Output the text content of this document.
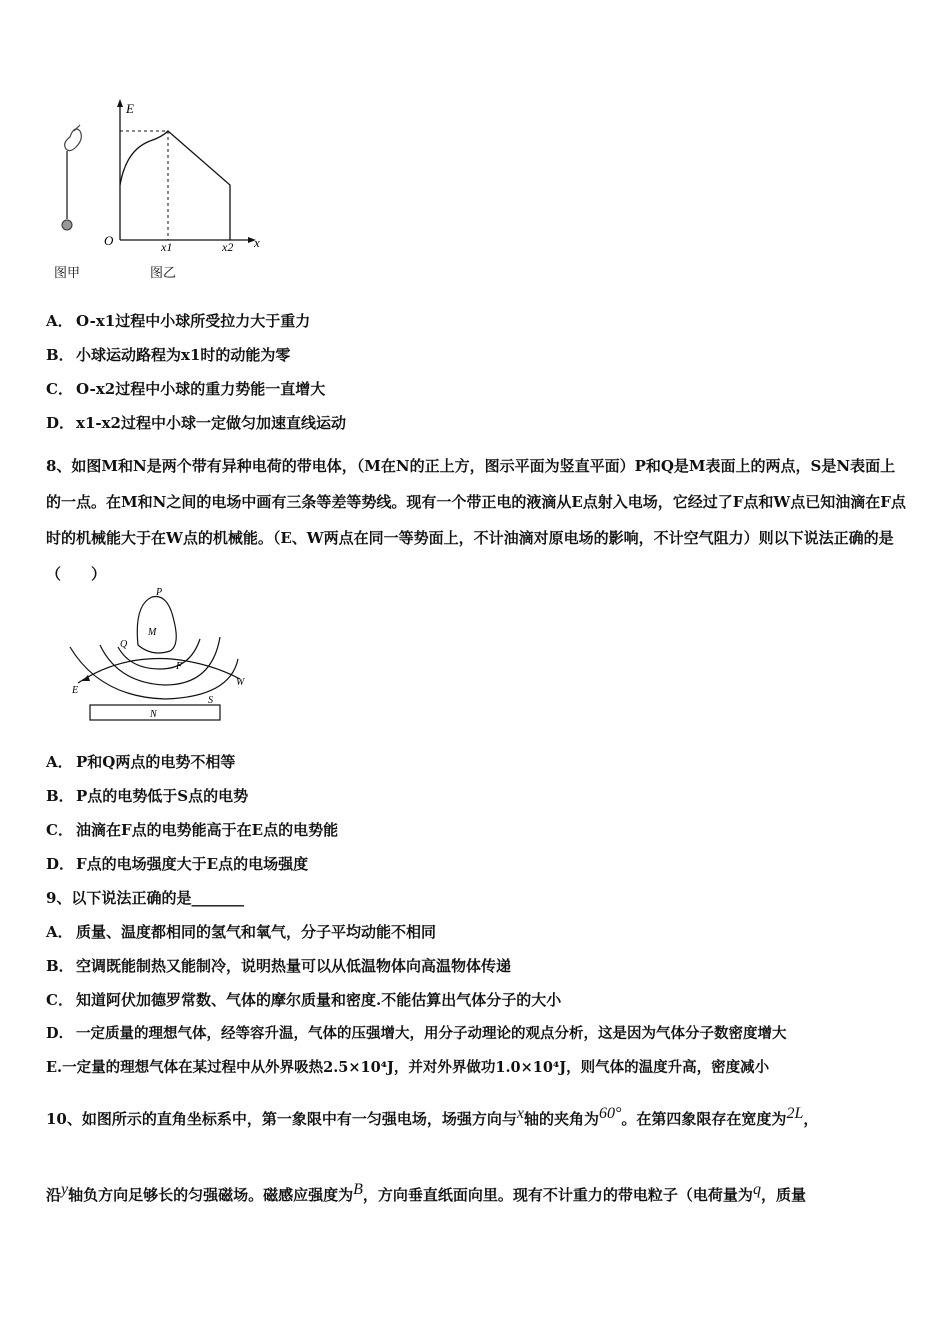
E
x
O	x1	x2
图甲	图乙
A． O-x1过程中小球所受拉力大于重力
B． 小球运动路程为x1时的动能为零
C． O-x2过程中小球的重力势能一直增大
D． x1-x2过程中小球一定做匀加速直线运动
8、如图M和N是两个带有异种电荷的带电体，（M在N的正上方，图示平面为竖直平面）P和Q是M表面上的两点，S是N表面上的一点。在M和N之间的电场中画有三条等差等势线。现有一个带正电的液滴从E点射入电场，它经过了F点和W点已知油滴在F点时的机械能大于在W点的机械能。（E、W两点在同一等势面上，不计油滴对原电场的影响，不计空气阻力）则以下说法正确的是（　　）
P
M
Q
F
W
E
S
N
A． P和Q两点的电势不相等
B． P点的电势低于S点的电势
C． 油滴在F点的电势能高于在E点的电势能
D． F点的电场强度大于E点的电场强度
9、以下说法正确的是_______
A． 质量、温度都相同的氢气和氧气，分子平均动能不相同
B． 空调既能制热又能制冷，说明热量可以从低温物体向高温物体传递
C． 知道阿伏加德罗常数、气体的摩尔质量和密度.不能估算出气体分子的大小
D． 一定质量的理想气体，经等容升温，气体的压强增大，用分子动理论的观点分析，这是因为气体分子数密度增大
E.一定量的理想气体在某过程中从外界吸热2.5×10⁴J，并对外界做功1.0×10⁴J，则气体的温度升高，密度减小
10、如图所示的直角坐标系中，第一象限中有一匀强电场，场强方向与$^x$轴的夹角为$^{60^\circ}$。在第四象限存在宽度为$^{2L}$，
沿$^y$轴负方向足够长的匀强磁场。磁感应强度为$^B$，方向垂直纸面向里。现有不计重力的带电粒子（电荷量为$^q$，质量
